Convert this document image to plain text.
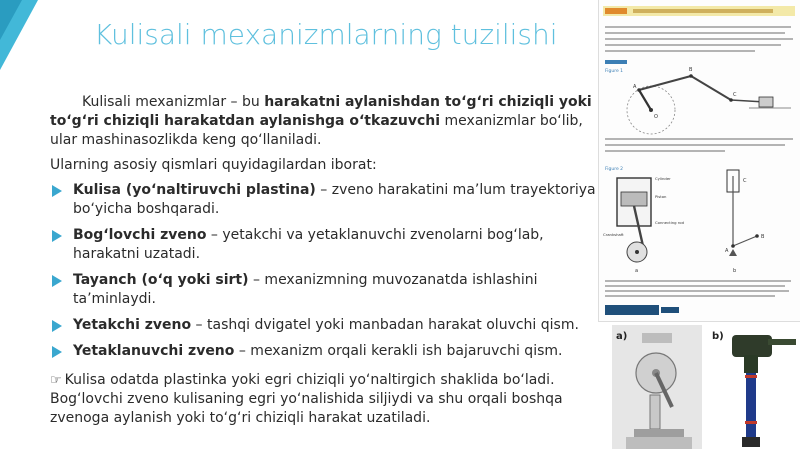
Kulisali mexanizmlarning tuzilishi

Kulisali mexanizmlar – bu harakatni aylanishdan to‘g‘ri chiziqli yoki to‘g‘ri chiziqli harakatdan aylanishga o‘tkazuvchi mexanizmlar bo‘lib, ular mashinasozlikda keng qo‘llaniladi.

Ularning asosiy qismlari quyidagilardan iborat:

Kulisa (yo‘naltiruvchi plastina) – zveno harakatini ma’lum trayektoriya bo‘yicha boshqaradi.
Bog‘lovchi zveno – yetakchi va yetaklanuvchi zvenolarni bog‘lab, harakatni uzatadi.
Tayanch (o‘q yoki sirt) – mexanizmning muvozanatda ishlashini ta’minlaydi.
Yetakchi zveno – tashqi dvigatel yoki manbadan harakat oluvchi qism.
Yetaklanuvchi zveno – mexanizm orqali kerakli ish bajaruvchi qism.

☞ Kulisa odatda plastinka yoki egri chiziqli yo‘naltirgich shaklida bo‘ladi. Bog‘lovchi zveno kulisaning egri yo‘nalishida siljiydi va shu orqali boshqa zvenoga aylanish yoki to‘g‘ri chiziqli harakat uzatiladi.

Figure 1
A
B
C
O
Figure 2
Cylinder
Piston
Connecting rod
Crankshaft
a
C
B
A
b
a)	b)
